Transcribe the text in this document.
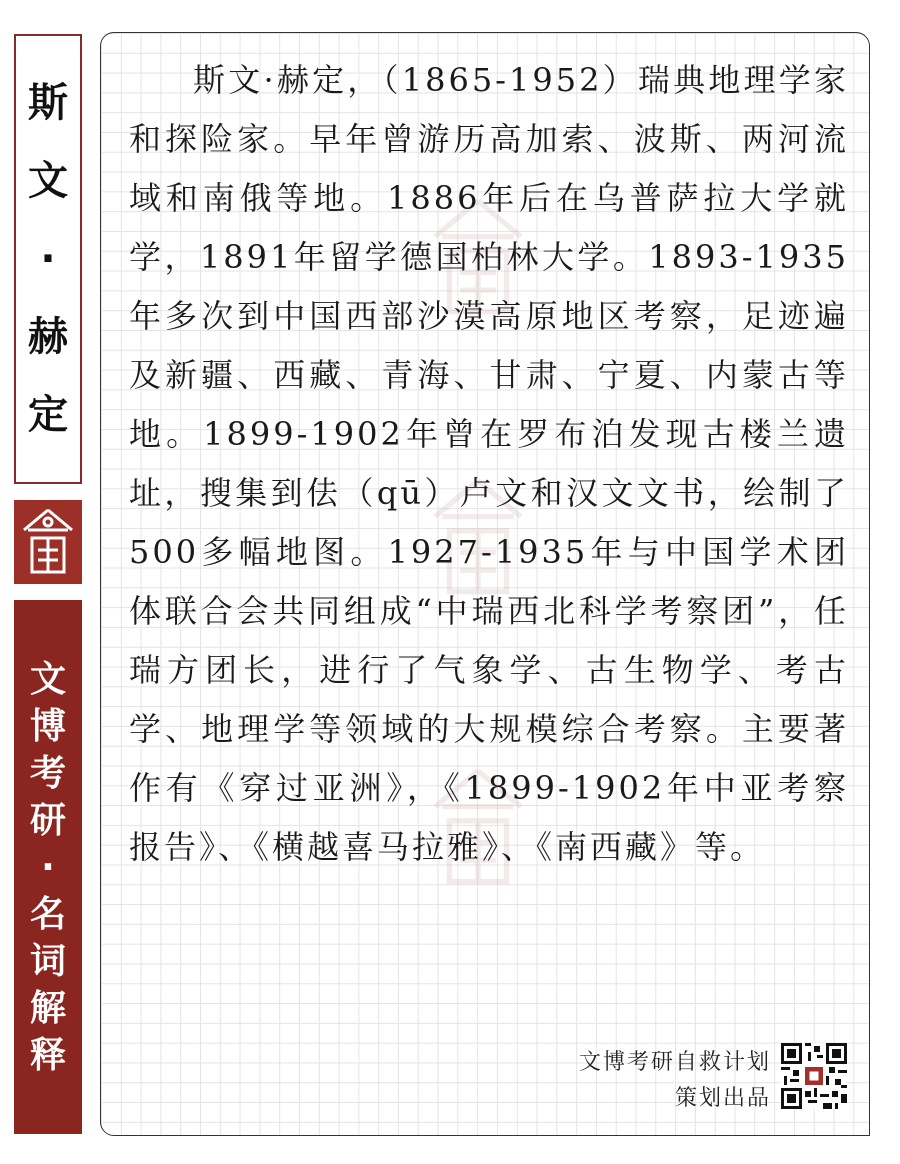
斯
文
·
赫
定
文
博
考
研
·
名
词
解
释

斯文·赫定，（1865-1952）瑞典地理学家和探险家。早年曾游历高加索、波斯、两河流域和南俄等地。1886年后在乌普萨拉大学就学，1891年留学德国柏林大学。1893-1935年多次到中国西部沙漠高原地区考察，足迹遍及新疆、西藏、青海、甘肃、宁夏、内蒙古等地。1899-1902年曾在罗布泊发现古楼兰遗址，搜集到佉（qū）卢文和汉文文书，绘制了500多幅地图。1927-1935年与中国学术团体联合会共同组成“中瑞西北科学考察团”，任瑞方团长，进行了气象学、古生物学、考古学、地理学等领域的大规模综合考察。主要著作有《穿过亚洲》，《1899-1902年中亚考察报告》、《横越喜马拉雅》、《南西藏》等。

文博考研自救计划
策划出品
